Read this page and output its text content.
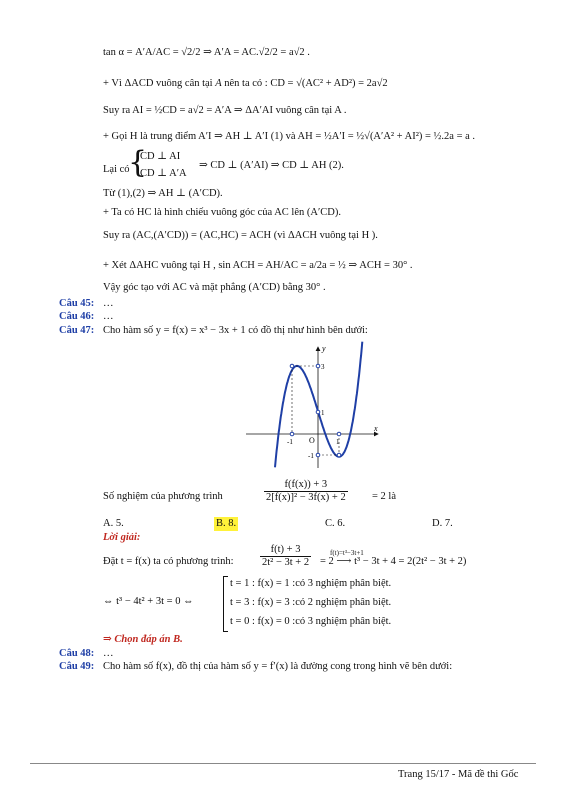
tan α = A′A/AC = √2/2 ⇒ A′A = AC.√2/2 = a√2 .
+ Vì ΔACD vuông cân tại A nên ta có : CD = √(AC² + AD²) = 2a√2
Suy ra AI = ½CD = a√2 = A′A ⇒ ΔA′AI vuông cân tại A .
+ Gọi H là trung điểm A′I ⇒ AH ⊥ A′I (1) và AH = ½A′I = ½√(A′A² + AI²) = ½.2a = a .
Lại có
{
CD ⊥ AI
CD ⊥ A′A
⇒ CD ⊥ (A′AI) ⇒ CD ⊥ AH (2).
Từ (1),(2) ⇒ AH ⊥ (A′CD).
+ Ta có HC là hình chiếu vuông góc của AC lên (A′CD).
Suy ra (AC,(A′CD)) = (AC,HC) = ACH (vì ΔACH vuông tại H ).
+ Xét ΔAHC vuông tại H , sin ACH = AH/AC = a/2a = ½ ⇒ ACH = 30° .
Vậy góc tạo với AC và mặt phẳng (A′CD) bằng 30° .
Câu 45: …
Câu 46: …
Câu 47: Cho hàm số y = f(x) = x³ − 3x + 1 có đồ thị như hình bên dưới:
x
y
O
-1	1
3
1
-1
Số nghiệm của phương trình	$\frac{f(f(x)) + 3}{\text{2[f(x)]² − 3f(x) + 2}} = 2$ là
A. 5.	B. 8.	C. 6.	D. 7.
Lời giải:
Đặt t = f(x) ta có phương trình:	$\frac{f(t) + 3}{\text{2t² − 3t + 2}}$	f(t)=t³−3t+1
= 2 ⟶ t³ − 3t + 4 = 2(2t² − 3t + 2)
⇔ t³ − 4t² + 3t = 0 ⇔
t = 1 : f(x) = 1 :có 3 nghiệm phân biệt.
t = 3 : f(x) = 3 :có 2 nghiệm phân biệt.
t = 0 : f(x) = 0 :có 3 nghiệm phân biệt.
⇒ Chọn đáp án B.
Câu 48: …
Câu 49: Cho hàm số f(x), đồ thị của hàm số y = f′(x) là đường cong trong hình vẽ bên dưới:
Trang 15/17 - Mã đề thi Gốc
